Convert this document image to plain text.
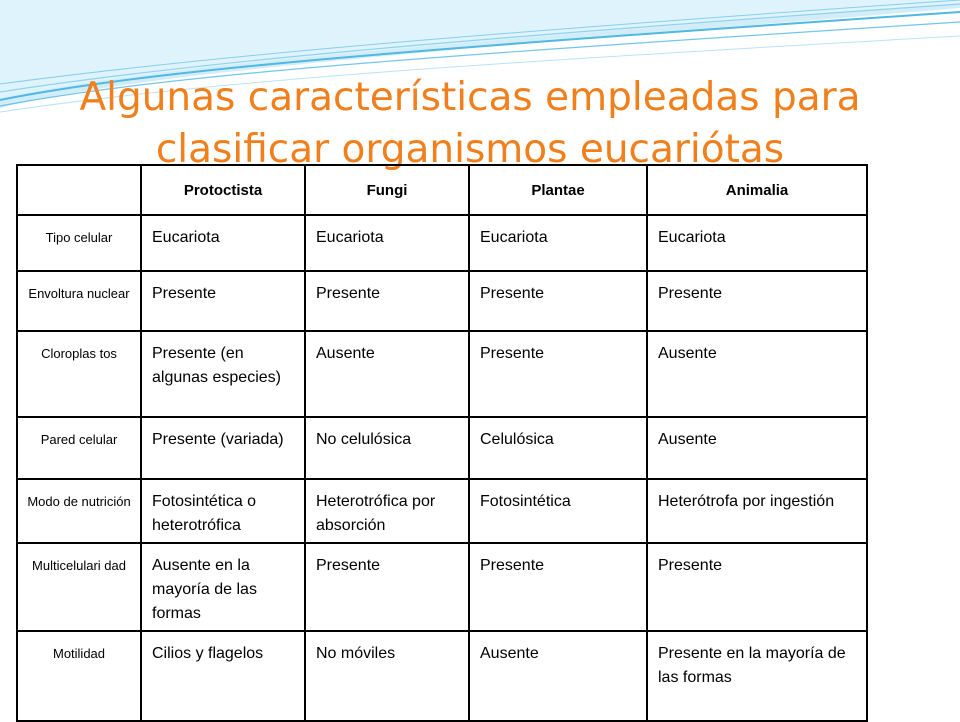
Algunas características empleadas para
clasificar organismos eucariótas
	Protoctista	Fungi	Plantae	Animalia
Tipo celular	Eucariota	Eucariota	Eucariota	Eucariota
Envoltura nuclear	Presente	Presente	Presente	Presente
Cloroplas tos	Presente (en algunas especies)	Ausente	Presente	Ausente
Pared celular	Presente (variada)	No celulósica	Celulósica	Ausente
Modo de nutrición	Fotosintética o heterotrófica	Heterotrófica por absorción	Fotosintética	Heterótrofa por ingestión
Multicelulari dad	Ausente en la mayoría de las formas	Presente	Presente	Presente
Motilidad	Cilios y flagelos	No móviles	Ausente	Presente en la mayoría de las formas
